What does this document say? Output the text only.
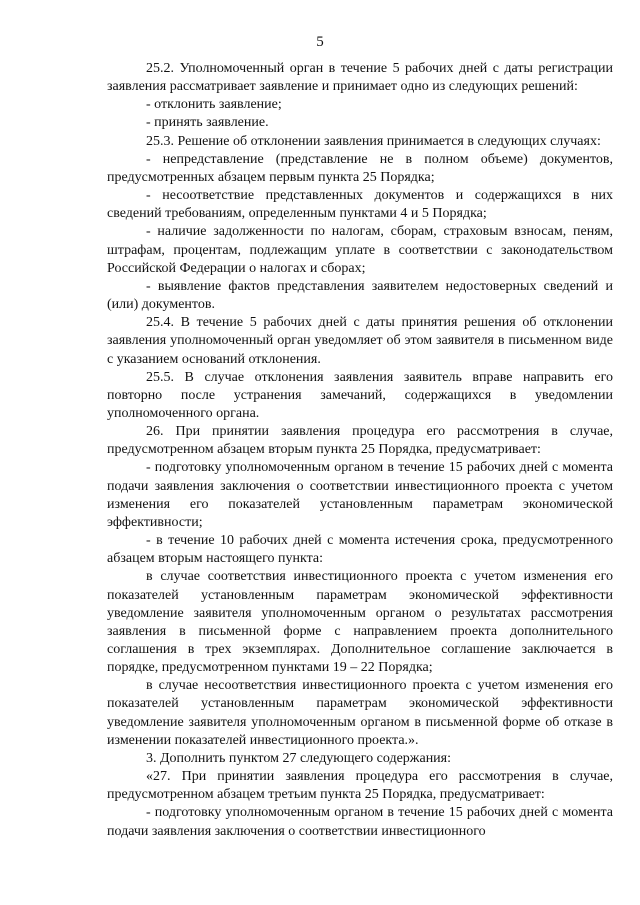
5

25.2. Уполномоченный орган в течение 5 рабочих дней с даты регистрации заявления рассматривает заявление и принимает одно из следующих решений:

- отклонить заявление;

- принять заявление.

25.3. Решение об отклонении заявления принимается в следующих случаях:

- непредставление (представление не в полном объеме) документов, предусмотренных абзацем первым пункта 25 Порядка;

- несоответствие представленных документов и содержащихся в них сведений требованиям, определенным пунктами 4 и 5 Порядка;

- наличие задолженности по налогам, сборам, страховым взносам, пеням, штрафам, процентам, подлежащим уплате в соответствии с законодательством Российской Федерации о налогах и сборах;

- выявление фактов представления заявителем недостоверных сведений и (или) документов.

25.4. В течение 5 рабочих дней с даты принятия решения об отклонении заявления уполномоченный орган уведомляет об этом заявителя в письменном виде с указанием оснований отклонения.

25.5. В случае отклонения заявления заявитель вправе направить его повторно после устранения замечаний, содержащихся в уведомлении уполномоченного органа.

26. При принятии заявления процедура его рассмотрения в случае, предусмотренном абзацем вторым пункта 25 Порядка, предусматривает:

- подготовку уполномоченным органом в течение 15 рабочих дней с момента подачи заявления заключения о соответствии инвестиционного проекта с учетом изменения его показателей установленным параметрам экономической эффективности;

- в течение 10 рабочих дней с момента истечения срока, предусмотренного абзацем вторым настоящего пункта:

в случае соответствия инвестиционного проекта с учетом изменения его показателей установленным параметрам экономической эффективности уведомление заявителя уполномоченным органом о результатах рассмотрения заявления в письменной форме с направлением проекта дополнительного соглашения в трех экземплярах. Дополнительное соглашение заключается в порядке, предусмотренном пунктами 19 – 22 Порядка;

в случае несоответствия инвестиционного проекта с учетом изменения его показателей установленным параметрам экономической эффективности уведомление заявителя уполномоченным органом в письменной форме об отказе в изменении показателей инвестиционного проекта.».

3. Дополнить пунктом 27 следующего содержания:

«27. При принятии заявления процедура его рассмотрения в случае, предусмотренном абзацем третьим пункта 25 Порядка, предусматривает:

- подготовку уполномоченным органом в течение 15 рабочих дней с момента подачи заявления заключения о соответствии инвестиционного
